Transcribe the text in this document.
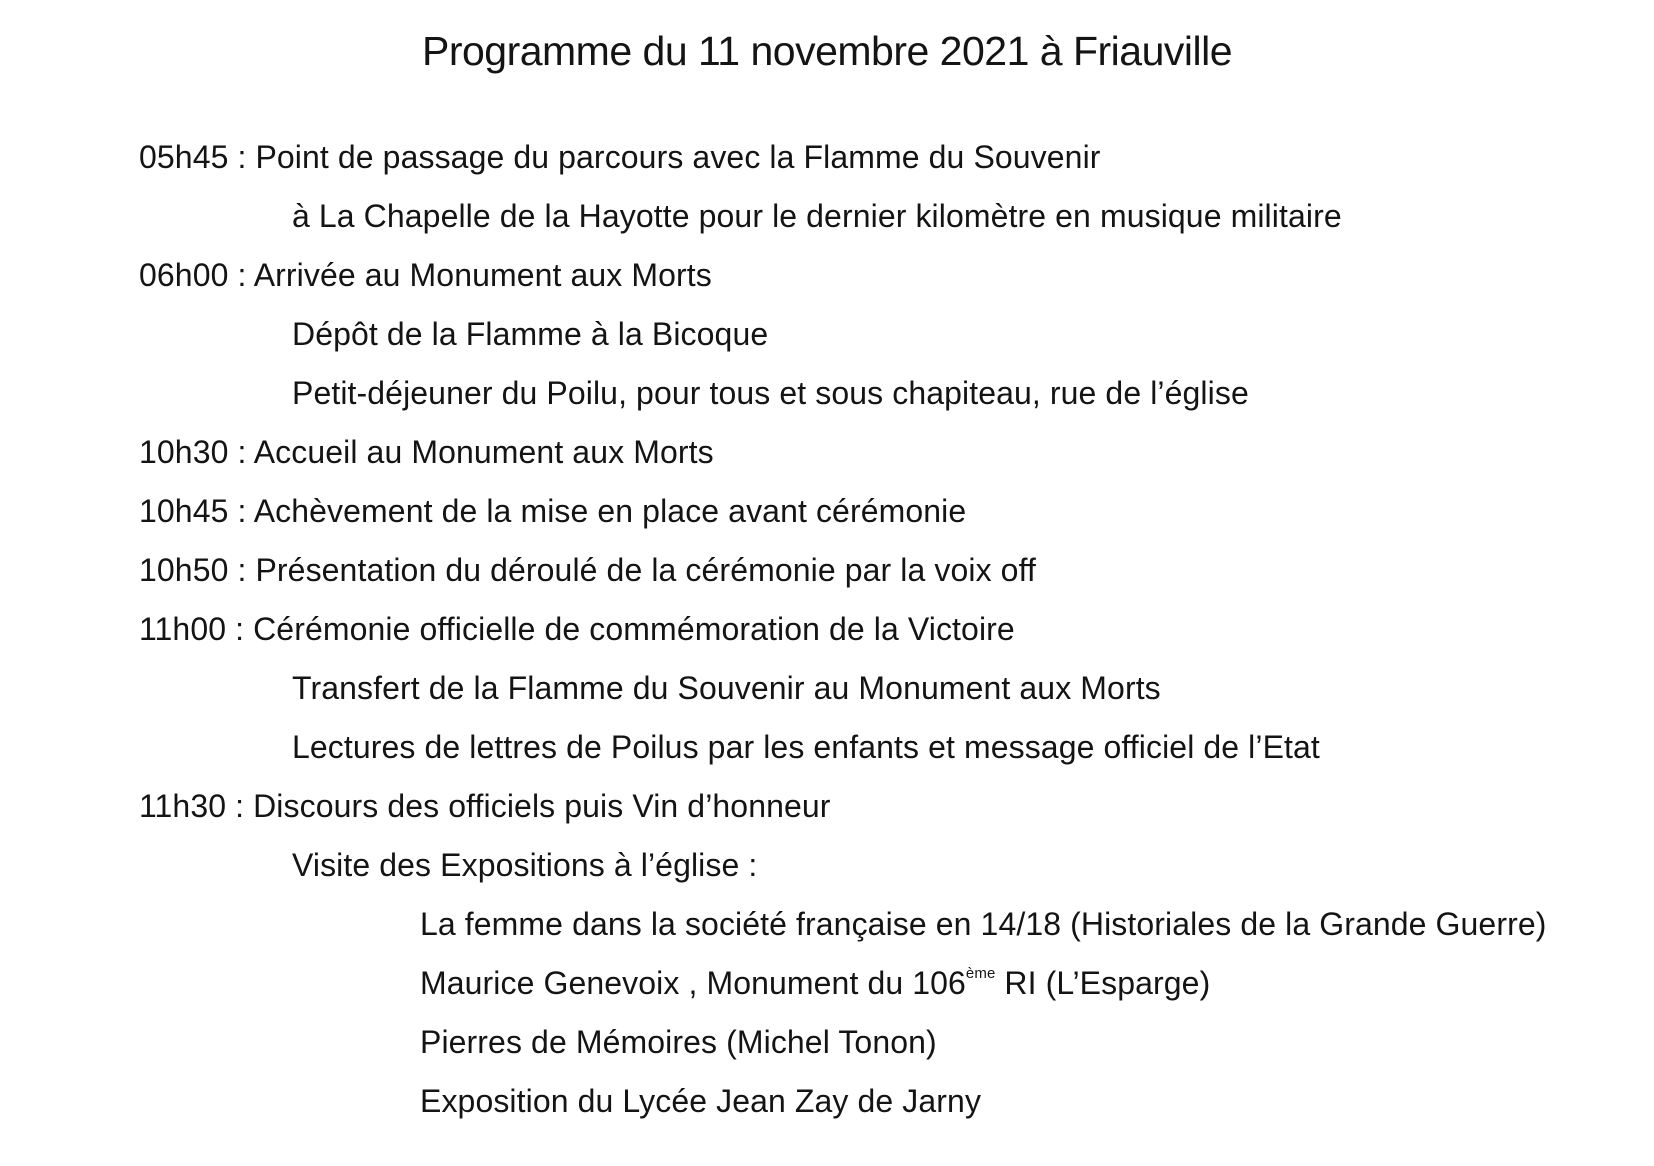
Programme du 11 novembre 2021 à Friauville
05h45 : Point de passage du parcours avec la Flamme du Souvenir
à La Chapelle de la Hayotte pour le dernier kilomètre en musique militaire
06h00 : Arrivée au Monument aux Morts
Dépôt de la Flamme à la Bicoque
Petit-déjeuner du Poilu, pour tous et sous chapiteau, rue de l’église
10h30 : Accueil au Monument aux Morts
10h45 : Achèvement de la mise en place avant cérémonie
10h50 : Présentation du déroulé de la cérémonie par la voix off
11h00 : Cérémonie officielle de commémoration de la Victoire
Transfert de la Flamme du Souvenir au Monument aux Morts
Lectures de lettres de Poilus par les enfants et message officiel de l’Etat
11h30 : Discours des officiels puis Vin d’honneur
Visite des Expositions à l’église :
La femme dans la société française en 14/18 (Historiales de la Grande Guerre)
Maurice Genevoix , Monument du 106ème RI (L’Esparge)
Pierres de Mémoires (Michel Tonon)
Exposition du Lycée Jean Zay de Jarny
